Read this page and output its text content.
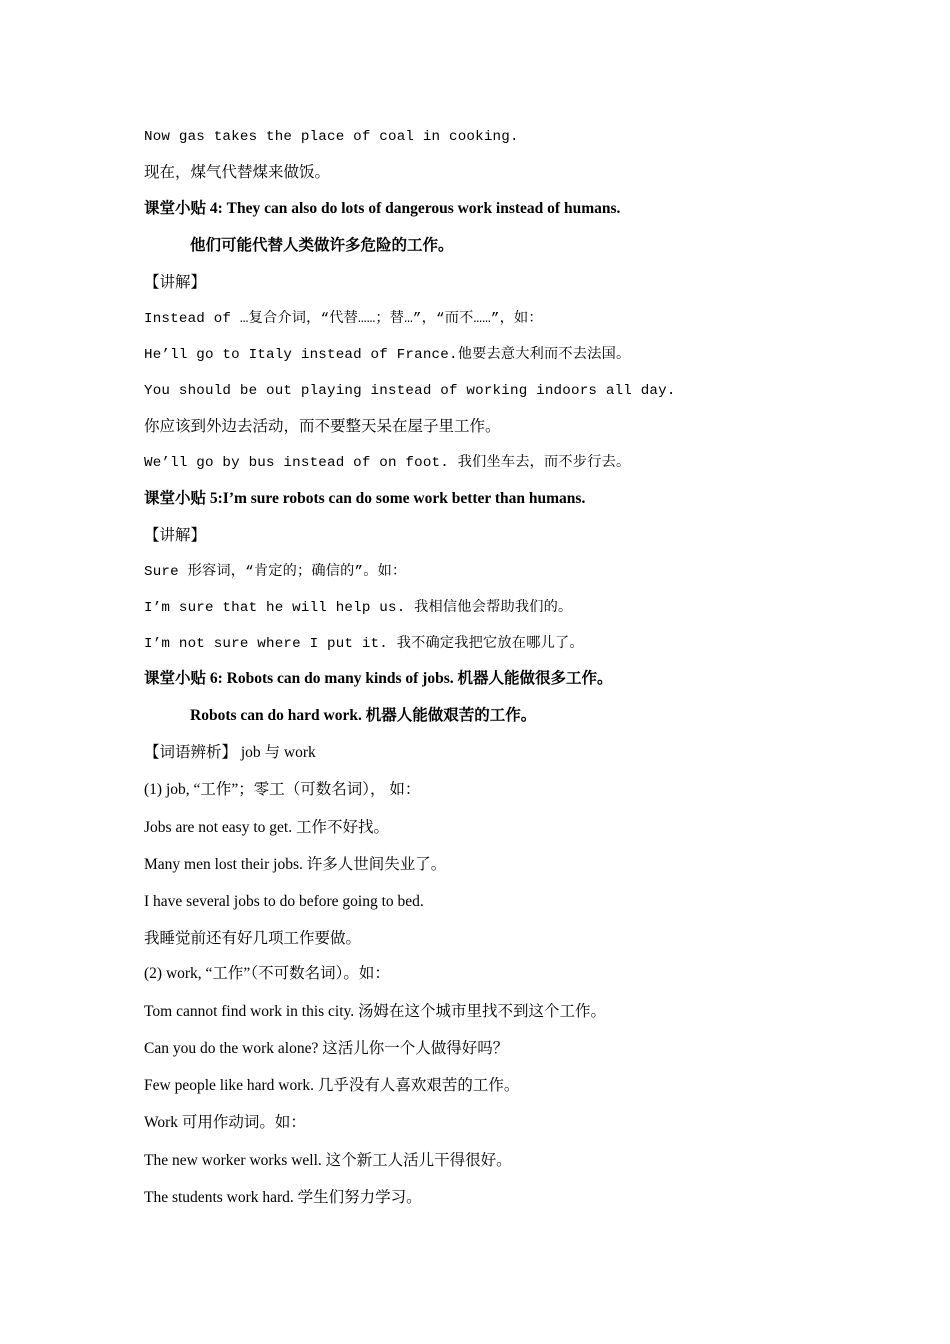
Now gas takes the place of coal in cooking.
现在，煤气代替煤来做饭。
课堂小贴 4: They can also do lots of dangerous work instead of humans.
他们可能代替人类做许多危险的工作。
【讲解】
Instead of …复合介词，“代替……；替…”，“而不……”，如：
He’ll go to Italy instead of France.他要去意大利而不去法国。
You should be out playing instead of working indoors all day.
你应该到外边去活动，而不要整天呆在屋子里工作。
We’ll go by bus instead of on foot. 我们坐车去，而不步行去。
课堂小贴 5:I’m sure robots can do some work better than humans.
【讲解】
Sure 形容词，“肯定的；确信的”。如：
I’m sure that he will help us. 我相信他会帮助我们的。
I’m not sure where I put it. 我不确定我把它放在哪儿了。
课堂小贴 6: Robots can do many kinds of jobs. 机器人能做很多工作。
Robots can do hard work. 机器人能做艰苦的工作。
【词语辨析】 job 与 work
(1) job, “工作”；零工（可数名词）， 如：
Jobs are not easy to get. 工作不好找。
Many men lost their jobs. 许多人世间失业了。
I have several jobs to do before going to bed.
我睡觉前还有好几项工作要做。
(2) work, “工作”（不可数名词）。如：
Tom cannot find work in this city. 汤姆在这个城市里找不到这个工作。
Can you do the work alone? 这活儿你一个人做得好吗？
Few people like hard work. 几乎没有人喜欢艰苦的工作。
Work 可用作动词。如：
The new worker works well. 这个新工人活儿干得很好。
The students work hard. 学生们努力学习。
